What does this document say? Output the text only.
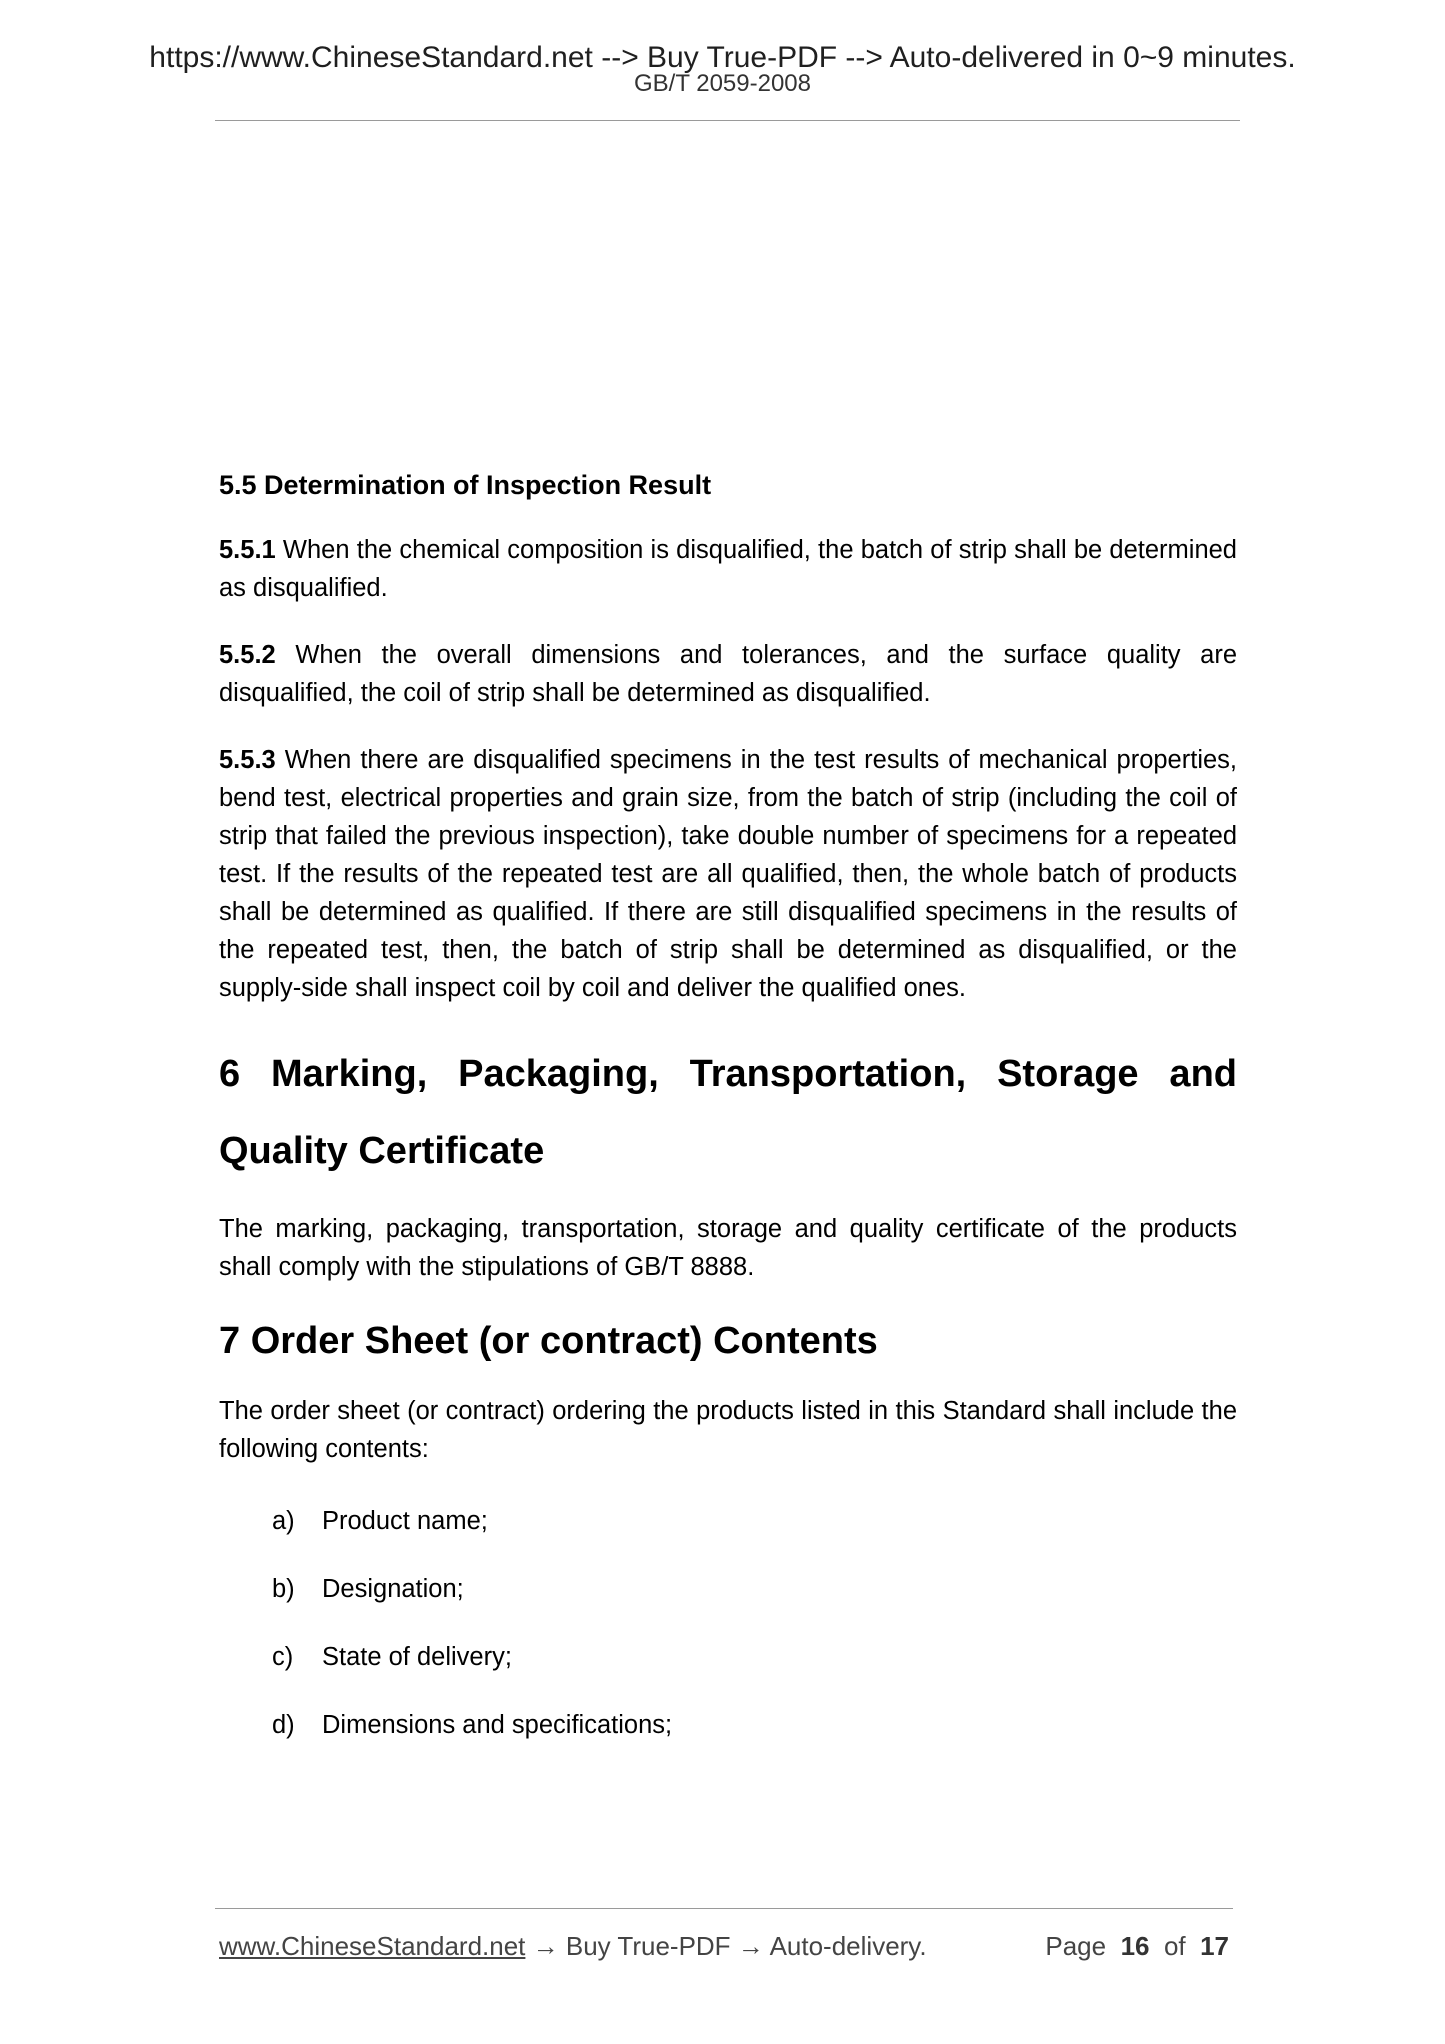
https://www.ChineseStandard.net --> Buy True-PDF --> Auto-delivered in 0~9 minutes.
GB/T 2059-2008
5.5 Determination of Inspection Result

5.5.1 When the chemical composition is disqualified, the batch of strip shall be determined as disqualified.

5.5.2 When the overall dimensions and tolerances, and the surface quality are disqualified, the coil of strip shall be determined as disqualified.

5.5.3 When there are disqualified specimens in the test results of mechanical properties, bend test, electrical properties and grain size, from the batch of strip (including the coil of strip that failed the previous inspection), take double number of specimens for a repeated test. If the results of the repeated test are all qualified, then, the whole batch of products shall be determined as qualified. If there are still disqualified specimens in the results of the repeated test, then, the batch of strip shall be determined as disqualified, or the supply-side shall inspect coil by coil and deliver the qualified ones.

6 Marking, Packaging, Transportation, Storage and Quality Certificate

The marking, packaging, transportation, storage and quality certificate of the products shall comply with the stipulations of GB/T 8888.

7 Order Sheet (or contract) Contents

The order sheet (or contract) ordering the products listed in this Standard shall include the following contents:

a) Product name;
b) Designation;
c) State of delivery;
d) Dimensions and specifications;
www.ChineseStandard.net → Buy True-PDF → Auto-delivery.	Page 16 of 17
